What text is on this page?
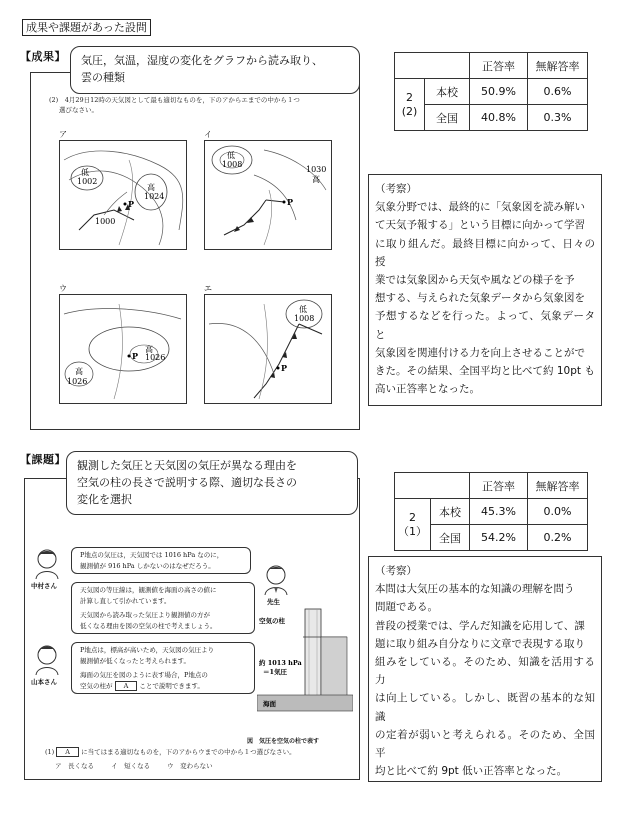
成果や課題があった設問
【成果】
(2)　4月29日12時の天気図として最も適切なものを，下のアからエまでの中から１つ
選びなさい。
ア
低
1002
高
1024
1000
P
イ
低
1008
高
1030
P
ウ
高
1026
高
1026
P
エ
低
1008
P
気圧，気温，湿度の変化をグラフから読み取り、
雲の種類
		正答率	無解答率

2
(2)	本校	50.9%	0.6%
	全国	40.8%	0.3%
（考察）
気象分野では、最終的に「気象図を読み解い
て天気予報する」という目標に向かって学習
に取り組んだ。最終目標に向かって、日々の授
業では気象図から天気や風などの様子を予
想する、与えられた気象データから気象図を
予想するなどを行った。よって、気象データと
気象図を関連付ける力を向上させることがで
きた。その結果、全国平均と比べて約 10pt も
高い正答率となった。
【課題】
中村さん
P地点の気圧は，天気図では 1016 hPa なのに，
観測値が 916 hPa しかないのはなぜだろう。
先生
天気図の等圧線は，観測値を海面の高さの値に
計算し直して引かれています。
天気図から読み取った気圧より観測値の方が
低くなる理由を図の空気の柱で考えましょう。
山本さん
P地点は，標高が高いため，天気図の気圧より
観測値が低くなったと考えられます。
海面の気圧を図のように表す場合，P地点の
空気の柱が A ことで説明できます。
空気の柱
約 1013 hPa
＝1気圧
海面
図　気圧を空気の柱で表す
(1) A に当てはまる適切なものを，下のアからウまでの中から１つ選びなさい。
ア　長くなる　　	イ　短くなる　　	ウ　変わらない
観測した気圧と天気図の気圧が異なる理由を
空気の柱の長さで説明する際、適切な長さの
変化を選択
		正答率	無解答率

2
（1）	本校	45.3%	0.0%
	全国	54.2%	0.2%
（考察）
本問は大気圧の基本的な知識の理解を問う
問題である。
普段の授業では、学んだ知識を応用して、課
題に取り組み自分なりに文章で表現する取り
組みをしている。そのため、知識を活用する力
は向上している。しかし、既習の基本的な知識
の定着が弱いと考えられる。そのため、全国平
均と比べて約 9pt 低い正答率となった。
